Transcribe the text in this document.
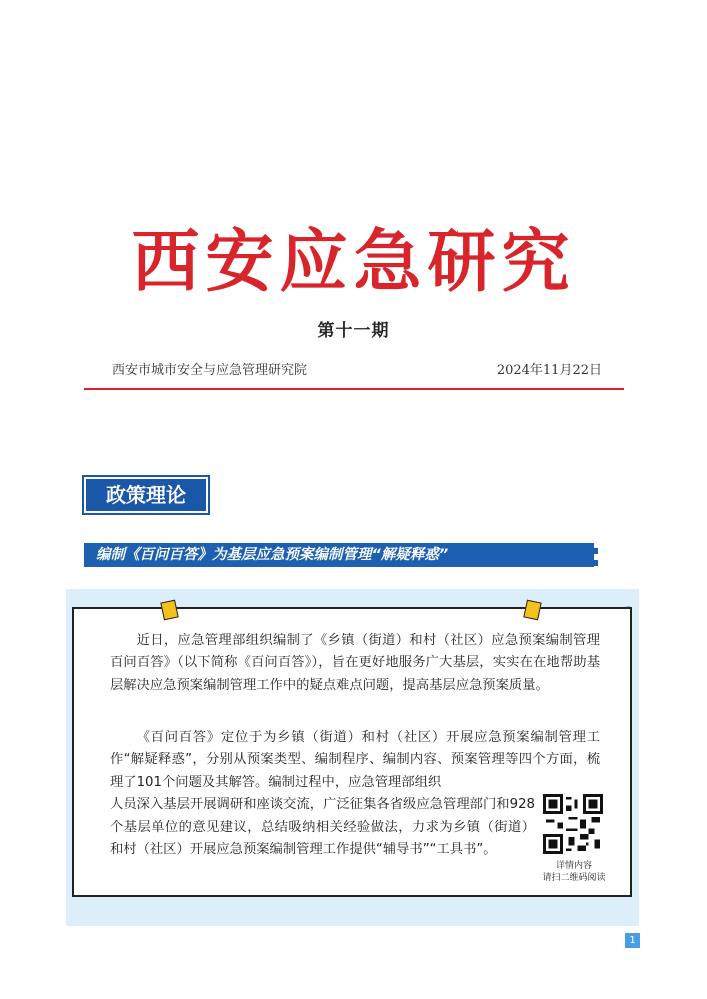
西安应急研究
第十一期
西安市城市安全与应急管理研究院	2024年11月22日
政策理论
编制《百问百答》为基层应急预案编制管理“解疑释惑”
近日，应急管理部组织编制了《乡镇（街道）和村（社区）应急预案编制管理百问百答》（以下简称《百问百答》），旨在更好地服务广大基层，实实在在地帮助基层解决应急预案编制管理工作中的疑点难点问题，提高基层应急预案质量。
《百问百答》定位于为乡镇（街道）和村（社区）开展应急预案编制管理工作“解疑释惑”，分别从预案类型、编制程序、编制内容、预案管理等四个方面，梳理了101个问题及其解答。编制过程中，应急管理部组织
人员深入基层开展调研和座谈交流，广泛征集各省级应急管理部门和928个基层单位的意见建议，总结吸纳相关经验做法，力求为乡镇（街道）和村（社区）开展应急预案编制管理工作提供“辅导书”“工具书”。
详情内容
请扫二维码阅读
1
